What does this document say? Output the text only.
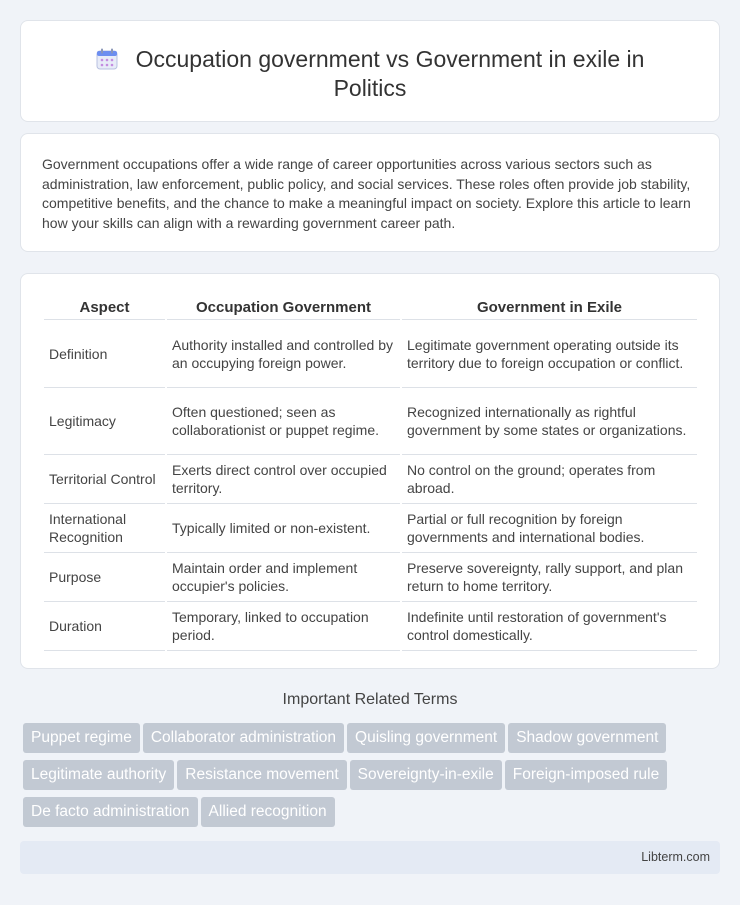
Occupation government vs Government in exile in
Politics

Government occupations offer a wide range of career opportunities across various sectors such as administration, law enforcement, public policy, and social services. These roles often provide job stability, competitive benefits, and the chance to make a meaningful impact on society. Explore this article to learn how your skills can align with a rewarding government career path.

Aspect	Occupation Government	Government in Exile
Definition	Authority installed and controlled by an occupying foreign power.	Legitimate government operating outside its territory due to foreign occupation or conflict.
Legitimacy	Often questioned; seen as collaborationist or puppet regime.	Recognized internationally as rightful government by some states or organizations.
Territorial Control	Exerts direct control over occupied territory.	No control on the ground; operates from abroad.
International Recognition	Typically limited or non-existent.	Partial or full recognition by foreign governments and international bodies.
Purpose	Maintain order and implement occupier's policies.	Preserve sovereignty, rally support, and plan return to home territory.
Duration	Temporary, linked to occupation period.	Indefinite until restoration of government's control domestically.
Important Related Terms
Puppet regime Collaborator administration Quisling government Shadow government
Legitimate authority Resistance movement Sovereignty-in-exile Foreign-imposed rule
De facto administration Allied recognition
Libterm.com
